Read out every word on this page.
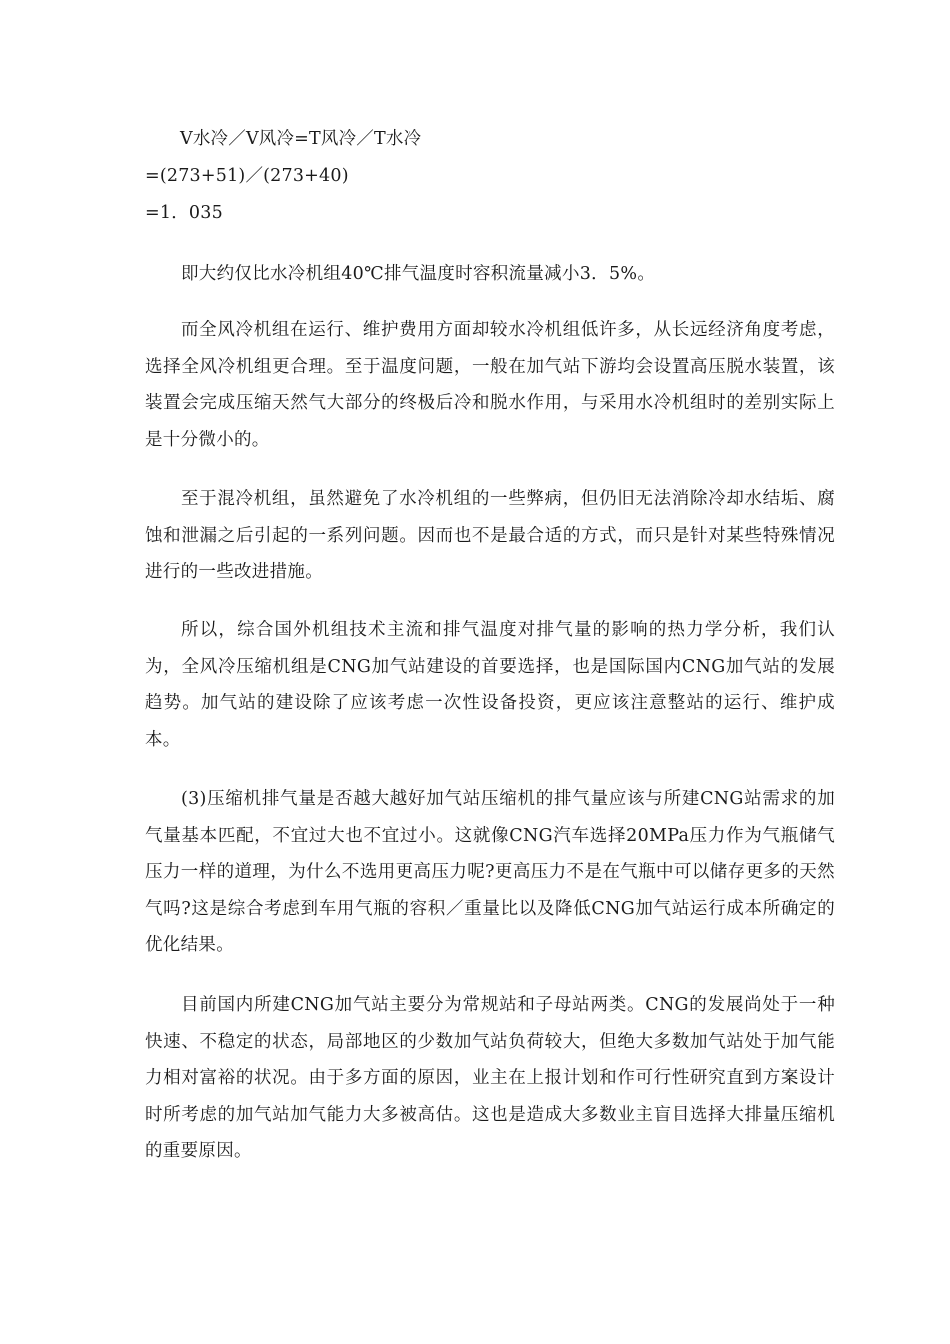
V水冷／V风冷=T风冷／T水冷
=(273+51)／(273+40)
=1．035
即大约仅比水冷机组40℃排气温度时容积流量减小3．5%。
而全风冷机组在运行、维护费用方面却较水冷机组低许多，从长远经济角度考虑，选择全风冷机组更合理。至于温度问题，一般在加气站下游均会设置高压脱水装置，该装置会完成压缩天然气大部分的终极后冷和脱水作用，与采用水冷机组时的差别实际上是十分微小的。
至于混冷机组，虽然避免了水冷机组的一些弊病，但仍旧无法消除冷却水结垢、腐蚀和泄漏之后引起的一系列问题。因而也不是最合适的方式，而只是针对某些特殊情况进行的一些改进措施。
所以，综合国外机组技术主流和排气温度对排气量的影响的热力学分析，我们认为，全风冷压缩机组是CNG加气站建设的首要选择，也是国际国内CNG加气站的发展趋势。加气站的建设除了应该考虑一次性设备投资，更应该注意整站的运行、维护成本。
(3)压缩机排气量是否越大越好加气站压缩机的排气量应该与所建CNG站需求的加气量基本匹配，不宜过大也不宜过小。这就像CNG汽车选择20MPa压力作为气瓶储气压力一样的道理，为什么不选用更高压力呢?更高压力不是在气瓶中可以储存更多的天然气吗?这是综合考虑到车用气瓶的容积／重量比以及降低CNG加气站运行成本所确定的优化结果。
目前国内所建CNG加气站主要分为常规站和子母站两类。CNG的发展尚处于一种快速、不稳定的状态，局部地区的少数加气站负荷较大，但绝大多数加气站处于加气能力相对富裕的状况。由于多方面的原因，业主在上报计划和作可行性研究直到方案设计时所考虑的加气站加气能力大多被高估。这也是造成大多数业主盲目选择大排量压缩机的重要原因。
